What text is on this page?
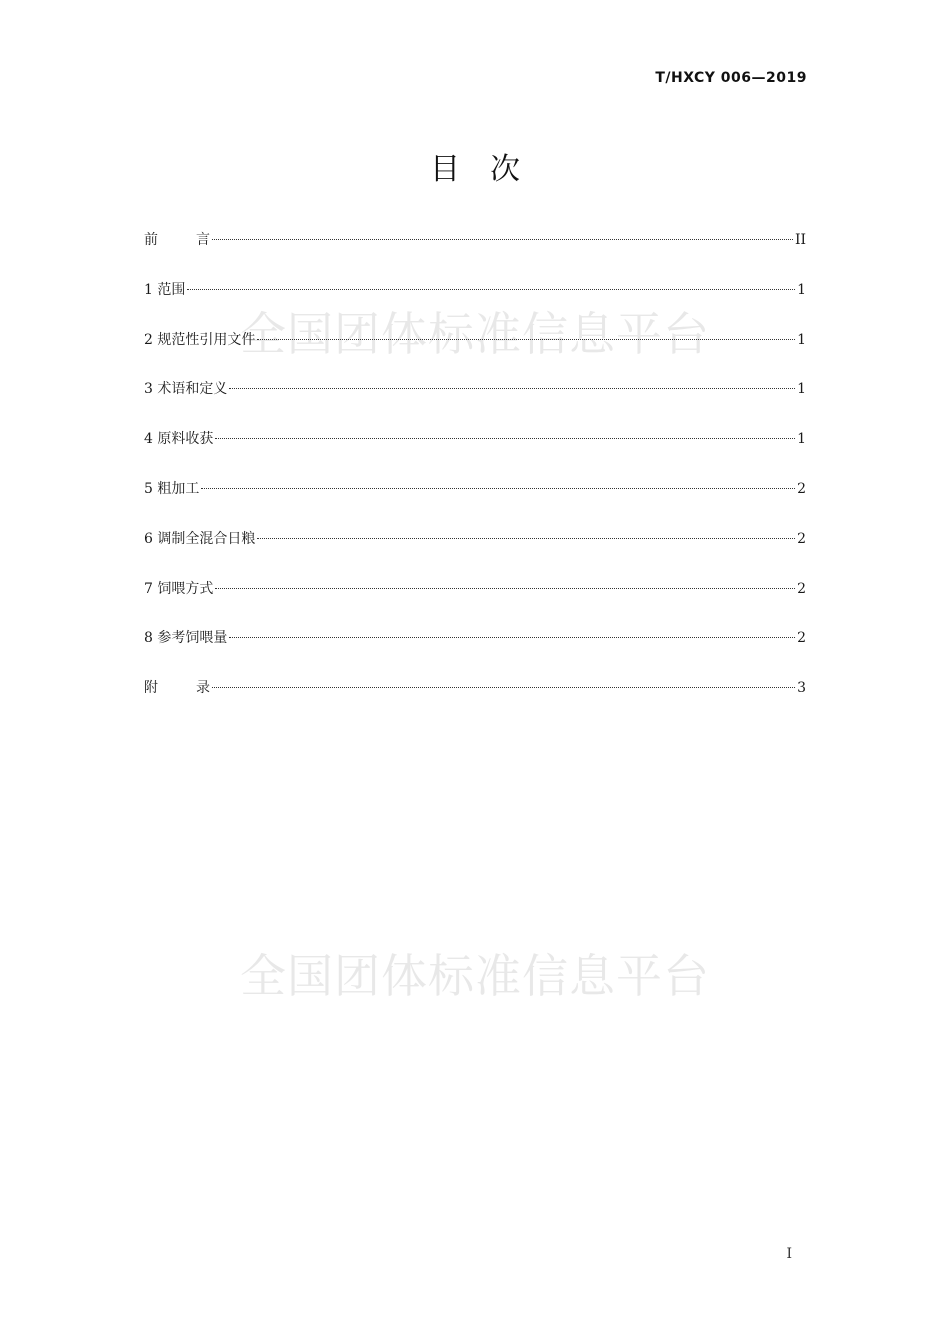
T/HXCY 006—2019
目次
全国团体标准信息平台
全国团体标准信息平台
前	言	II
1 范围	1
2 规范性引用文件	1
3 术语和定义	1
4 原料收获	1
5 粗加工	2
6 调制全混合日粮	2
7 饲喂方式	2
8 参考饲喂量	2
附	录	3
I
